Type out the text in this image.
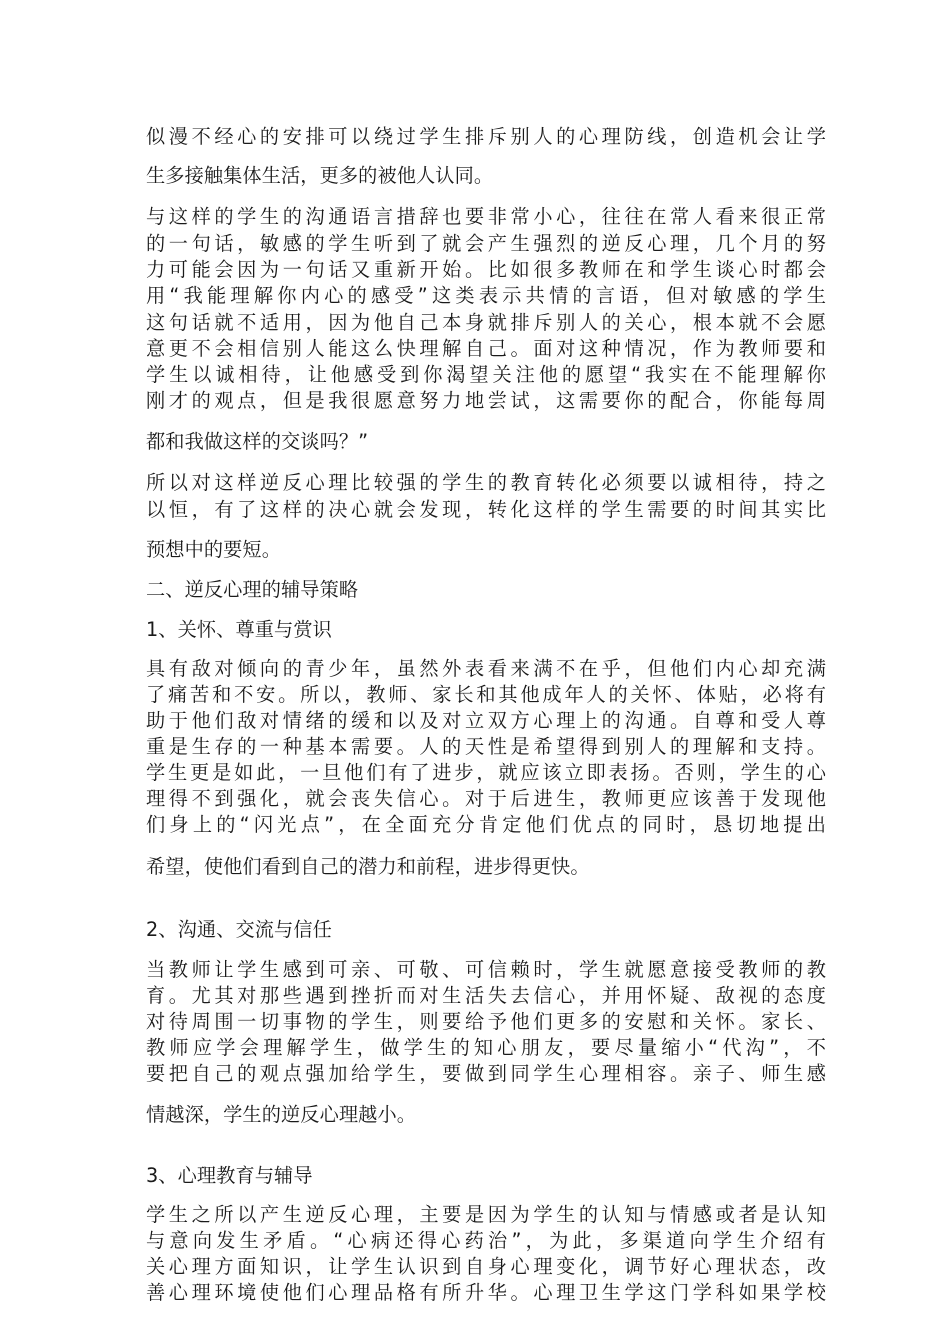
似漫不经心的安排可以绕过学生排斥别人的心理防线，创造机会让学
生多接触集体生活，更多的被他人认同。
与这样的学生的沟通语言措辞也要非常小心，往往在常人看来很正常
的一句话，敏感的学生听到了就会产生强烈的逆反心理，几个月的努
力可能会因为一句话又重新开始。比如很多教师在和学生谈心时都会
用“我能理解你内心的感受”这类表示共情的言语，但对敏感的学生
这句话就不适用，因为他自己本身就排斥别人的关心，根本就不会愿
意更不会相信别人能这么快理解自己。面对这种情况，作为教师要和
学生以诚相待，让他感受到你渴望关注他的愿望“我实在不能理解你
刚才的观点，但是我很愿意努力地尝试，这需要你的配合，你能每周
都和我做这样的交谈吗？”
所以对这样逆反心理比较强的学生的教育转化必须要以诚相待，持之
以恒，有了这样的决心就会发现，转化这样的学生需要的时间其实比
预想中的要短。
二、逆反心理的辅导策略
1、关怀、尊重与赏识
具有敌对倾向的青少年，虽然外表看来满不在乎，但他们内心却充满
了痛苦和不安。所以，教师、家长和其他成年人的关怀、体贴，必将有
助于他们敌对情绪的缓和以及对立双方心理上的沟通。自尊和受人尊
重是生存的一种基本需要。人的天性是希望得到别人的理解和支持。
学生更是如此，一旦他们有了进步，就应该立即表扬。否则，学生的心
理得不到强化，就会丧失信心。对于后进生，教师更应该善于发现他
们身上的“闪光点”，在全面充分肯定他们优点的同时，恳切地提出
希望，使他们看到自己的潜力和前程，进步得更快。
2、沟通、交流与信任
当教师让学生感到可亲、可敬、可信赖时，学生就愿意接受教师的教
育。尤其对那些遇到挫折而对生活失去信心，并用怀疑、敌视的态度
对待周围一切事物的学生，则要给予他们更多的安慰和关怀。家长、
教师应学会理解学生，做学生的知心朋友，要尽量缩小“代沟”，不
要把自己的观点强加给学生，要做到同学生心理相容。亲子、师生感
情越深，学生的逆反心理越小。
3、心理教育与辅导
学生之所以产生逆反心理，主要是因为学生的认知与情感或者是认知
与意向发生矛盾。“心病还得心药治”，为此，多渠道向学生介绍有
关心理方面知识，让学生认识到自身心理变化，调节好心理状态，改
善心理环境使他们心理品格有所升华。心理卫生学这门学科如果学校
